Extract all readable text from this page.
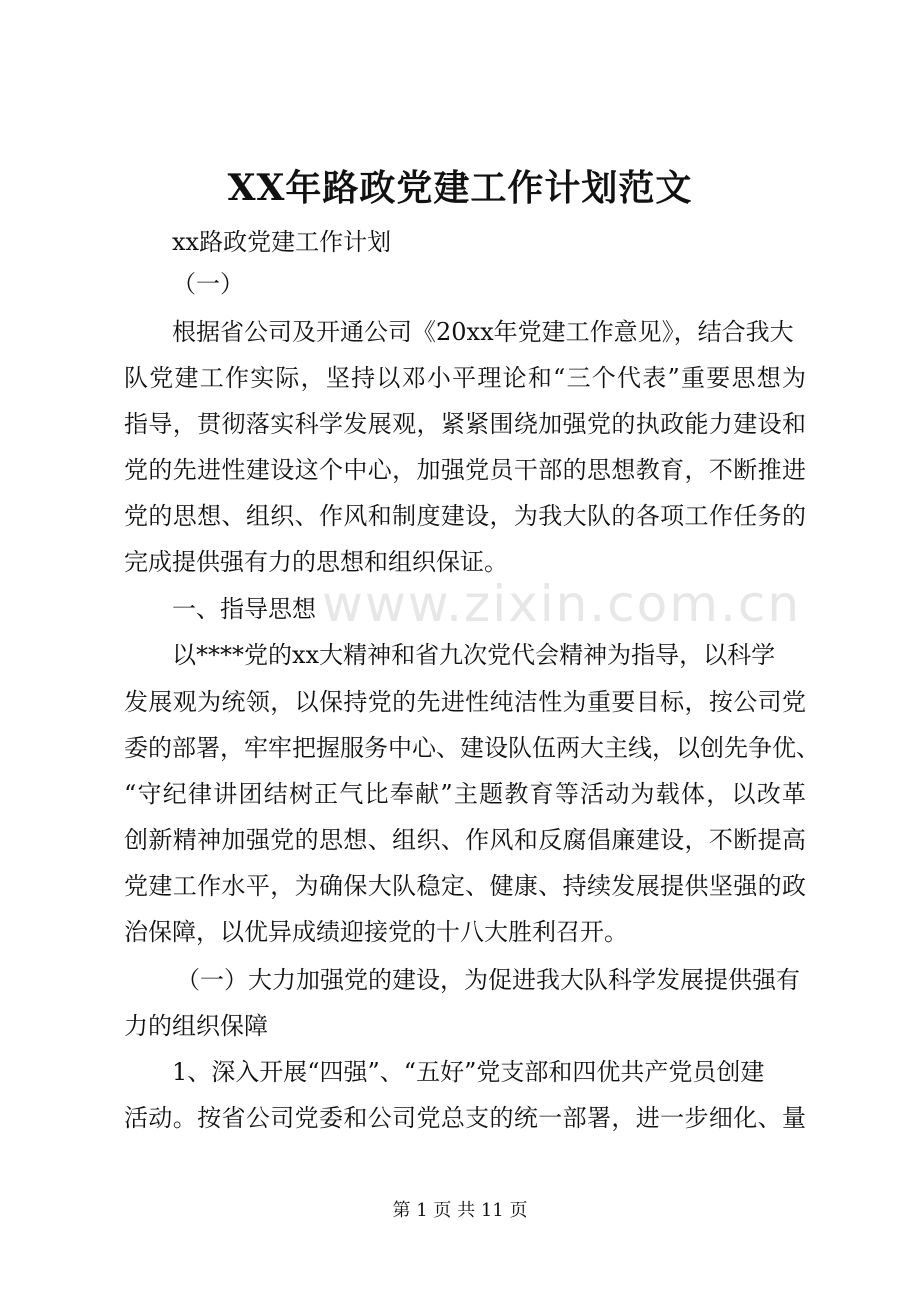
XX年路政党建工作计划范文
xx路政党建工作计划
（一）
根据省公司及开通公司《20xx年党建工作意见》，结合我大
队党建工作实际，坚持以邓小平理论和“三个代表”重要思想为
指导，贯彻落实科学发展观，紧紧围绕加强党的执政能力建设和
党的先进性建设这个中心，加强党员干部的思想教育，不断推进
党的思想、组织、作风和制度建设，为我大队的各项工作任务的
完成提供强有力的思想和组织保证。
一、指导思想 www.zixin.com.cn
以****党的xx大精神和省九次党代会精神为指导，以科学
发展观为统领，以保持党的先进性纯洁性为重要目标，按公司党
委的部署，牢牢把握服务中心、建设队伍两大主线，以创先争优、
“守纪律讲团结树正气比奉献”主题教育等活动为载体，以改革
创新精神加强党的思想、组织、作风和反腐倡廉建设，不断提高
党建工作水平，为确保大队稳定、健康、持续发展提供坚强的政
治保障，以优异成绩迎接党的十八大胜利召开。
（一）大力加强党的建设，为促进我大队科学发展提供强有
力的组织保障
1、深入开展“四强”、“五好”党支部和四优共产党员创建
活动。按省公司党委和公司党总支的统一部署，进一步细化、量
第 1 页 共 11 页
